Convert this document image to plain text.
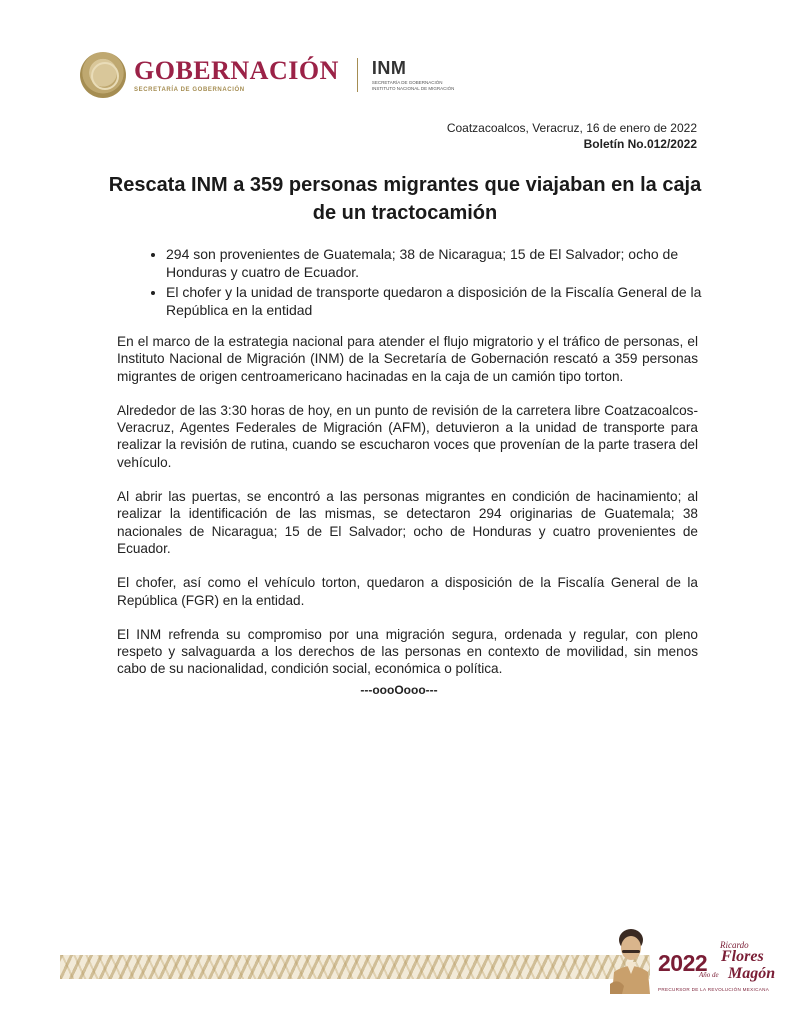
GOBERNACIÓN
SECRETARÍA DE GOBERNACIÓN
INM
SECRETARÍA DE GOBERNACIÓN
INSTITUTO NACIONAL DE MIGRACIÓN
Coatzacoalcos, Veracruz, 16 de enero de 2022
Boletín No.012/2022
Rescata INM a 359 personas migrantes que viajaban en la caja de un tractocamión
• 294 son provenientes de Guatemala; 38 de Nicaragua; 15 de El Salvador; ocho de Honduras y cuatro de Ecuador.
• El chofer y la unidad de transporte quedaron a disposición de la Fiscalía General de la República en la entidad

En el marco de la estrategia nacional para atender el flujo migratorio y el tráfico de personas, el Instituto Nacional de Migración (INM) de la Secretaría de Gobernación rescató a 359 personas migrantes de origen centroamericano hacinadas en la caja de un camión tipo torton.

Alrededor de las 3:30 horas de hoy, en un punto de revisión de la carretera libre Coatzacoalcos-Veracruz, Agentes Federales de Migración (AFM), detuvieron a la unidad de transporte para realizar la revisión de rutina, cuando se escucharon voces que provenían de la parte trasera del vehículo.

Al abrir las puertas, se encontró a las personas migrantes en condición de hacinamiento; al realizar la identificación de las mismas, se detectaron 294 originarias de Guatemala; 38 nacionales de Nicaragua; 15 de El Salvador; ocho de Honduras y cuatro provenientes de Ecuador.

El chofer, así como el vehículo torton, quedaron a disposición de la Fiscalía General de la República (FGR) en la entidad.

El INM refrenda su compromiso por una migración segura, ordenada y regular, con pleno respeto y salvaguarda a los derechos de las personas en contexto de movilidad, sin menos cabo de su nacionalidad, condición social, económica o política.

---oooOooo---
2022
Ricardo
Flores
Año de Magón
PRECURSOR DE LA REVOLUCIÓN MEXICANA
